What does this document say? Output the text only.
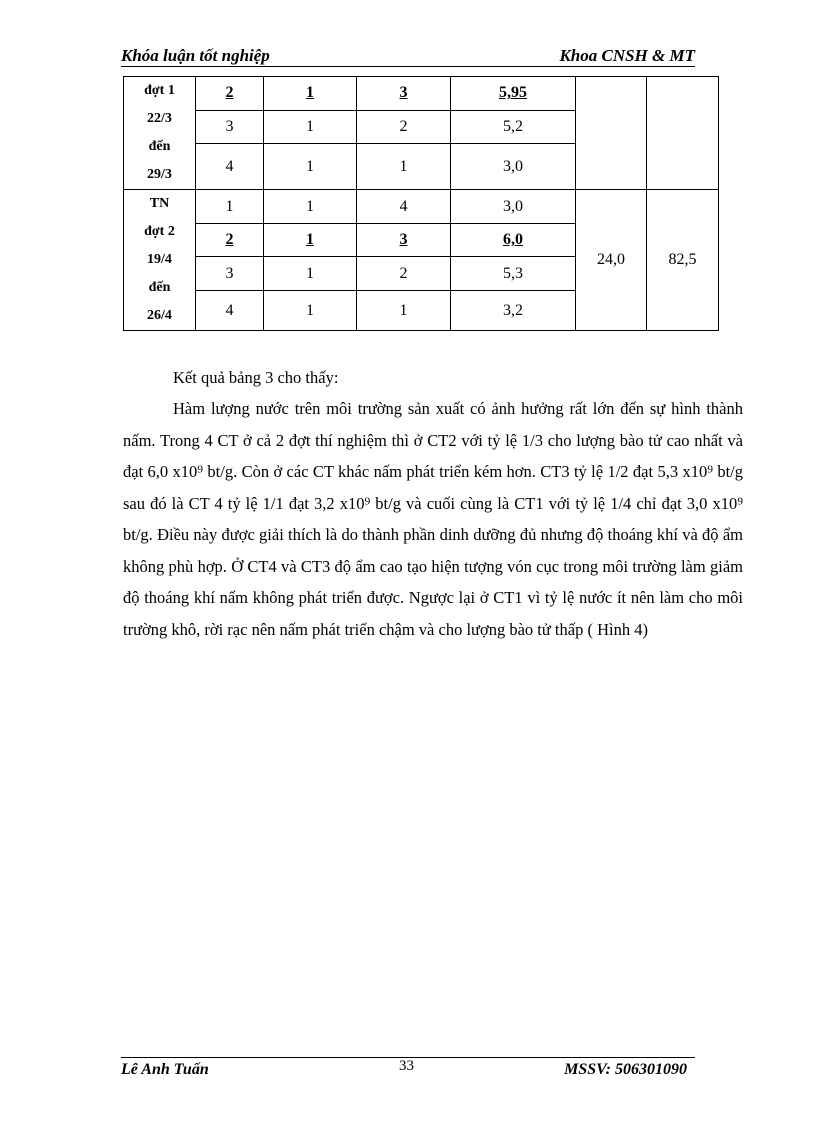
Khóa luận tốt nghiệp	Khoa CNSH & MT
đợt 1
22/3
đến
29/3	2	1	3	5,95		
	3	1	2	5,2		
	4	1	1	3,0		

TN
đợt 2
19/4
đến
26/4	1	1	4	3,0	24,0	82,5
	2	1	3	6,0		
	3	1	2	5,3		
	4	1	1	3,2		
Kết quả bảng 3 cho thấy:
Hàm lượng nước trên môi trường sản xuất có ảnh hưởng rất lớn đến sự hình thành nấm. Trong 4 CT ở cả 2 đợt thí nghiệm thì ở CT2 với tỷ lệ 1/3 cho lượng bào tử cao nhất và đạt 6,0 x10⁹ bt/g. Còn ở các CT khác nấm phát triển kém hơn. CT3 tỷ lệ 1/2 đạt 5,3 x10⁹ bt/g sau đó là CT 4 tỷ lệ 1/1 đạt 3,2 x10⁹ bt/g và cuối cùng là CT1 với tỷ lệ 1/4 chỉ đạt 3,0 x10⁹ bt/g. Điều này được giải thích là do thành phần dinh dưỡng đủ nhưng độ thoáng khí và độ ẩm không phù hợp. Ở CT4 và CT3 độ ẩm cao tạo hiện tượng vón cục trong môi trường làm giảm độ thoáng khí nấm không phát triển được. Ngược lại ở CT1 vì tỷ lệ nước ít nên làm cho môi trường khô, rời rạc nên nấm phát triển chậm và cho lượng bào tử thấp ( Hình 4)
Lê Anh Tuấn	33	MSSV: 506301090
